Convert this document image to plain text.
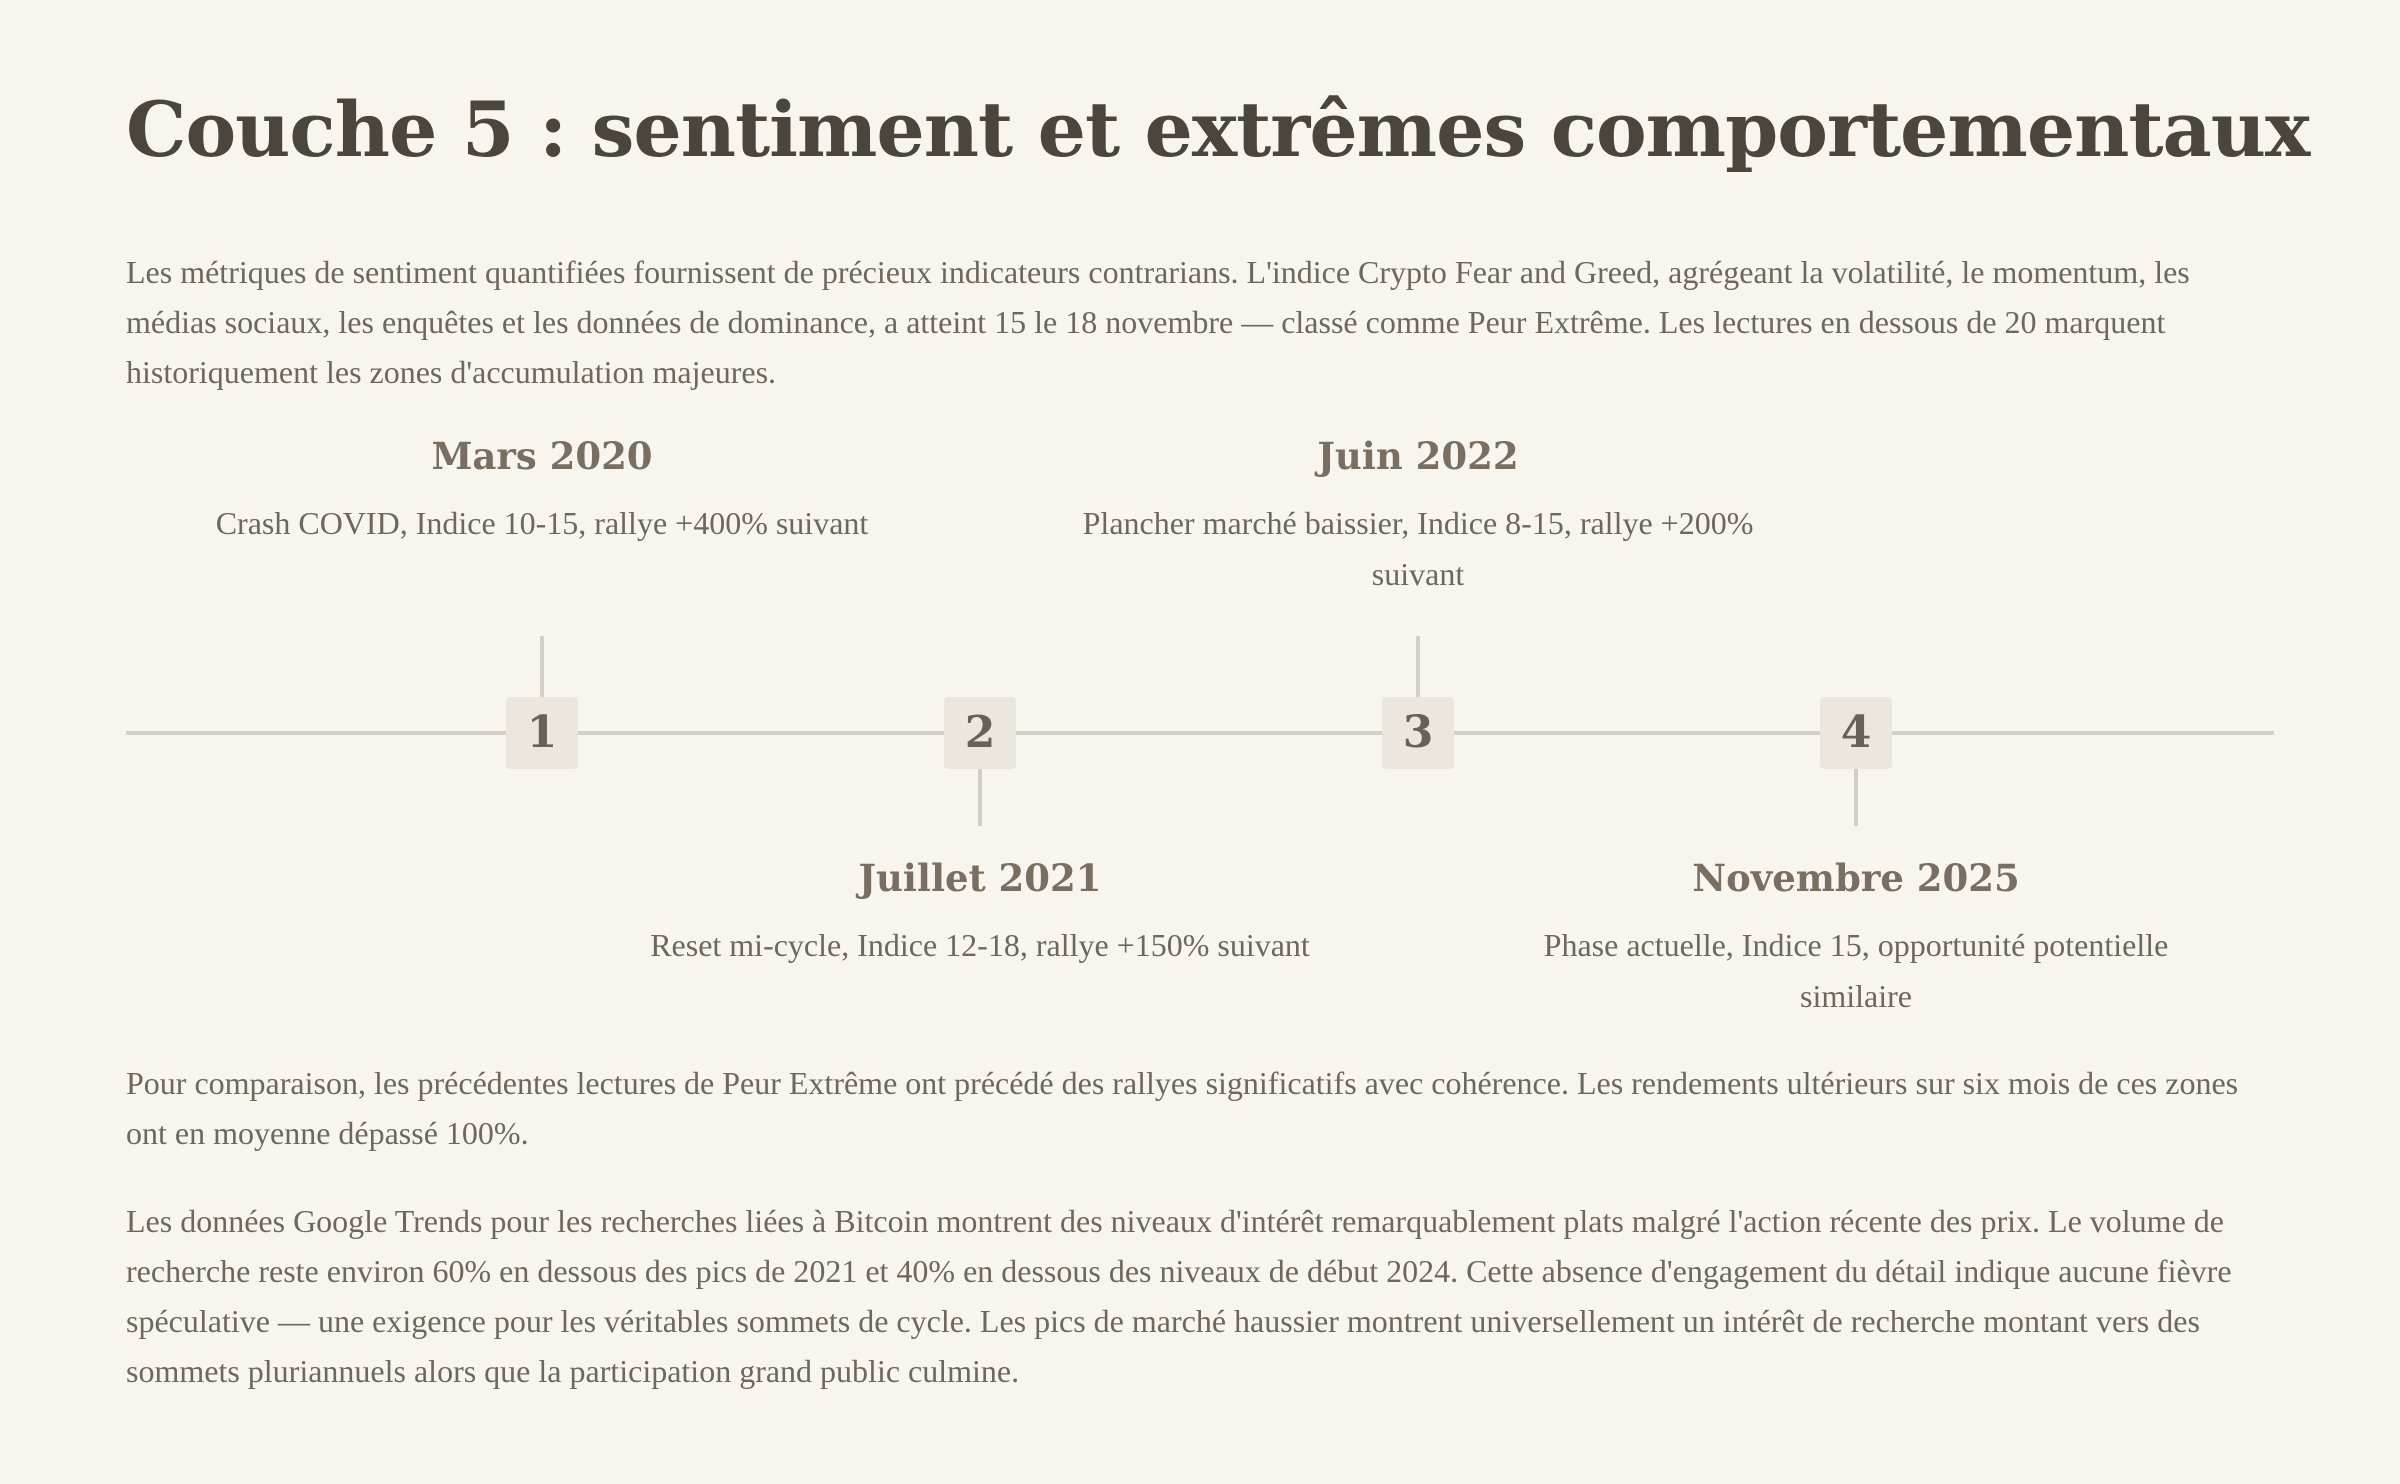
Couche 5 : sentiment et extrêmes comportementaux

Les métriques de sentiment quantifiées fournissent de précieux indicateurs contrarians. L'indice Crypto Fear and Greed, agrégeant la volatilité, le momentum, les médias sociaux, les enquêtes et les données de dominance, a atteint 15 le 18 novembre — classé comme Peur Extrême. Les lectures en dessous de 20 marquent historiquement les zones d'accumulation majeures.

Mars 2020
Crash COVID, Indice 10-15, rallye +400% suivant
1
Juillet 2021
Reset mi-cycle, Indice 12-18, rallye +150% suivant
2
Juin 2022
Plancher marché baissier, Indice 8-15, rallye +200% suivant
3
Novembre 2025
Phase actuelle, Indice 15, opportunité potentielle similaire
4

Pour comparaison, les précédentes lectures de Peur Extrême ont précédé des rallyes significatifs avec cohérence. Les rendements ultérieurs sur six mois de ces zones ont en moyenne dépassé 100%.

Les données Google Trends pour les recherches liées à Bitcoin montrent des niveaux d'intérêt remarquablement plats malgré l'action récente des prix. Le volume de recherche reste environ 60% en dessous des pics de 2021 et 40% en dessous des niveaux de début 2024. Cette absence d'engagement du détail indique aucune fièvre spéculative — une exigence pour les véritables sommets de cycle. Les pics de marché haussier montrent universellement un intérêt de recherche montant vers des sommets pluriannuels alors que la participation grand public culmine.
